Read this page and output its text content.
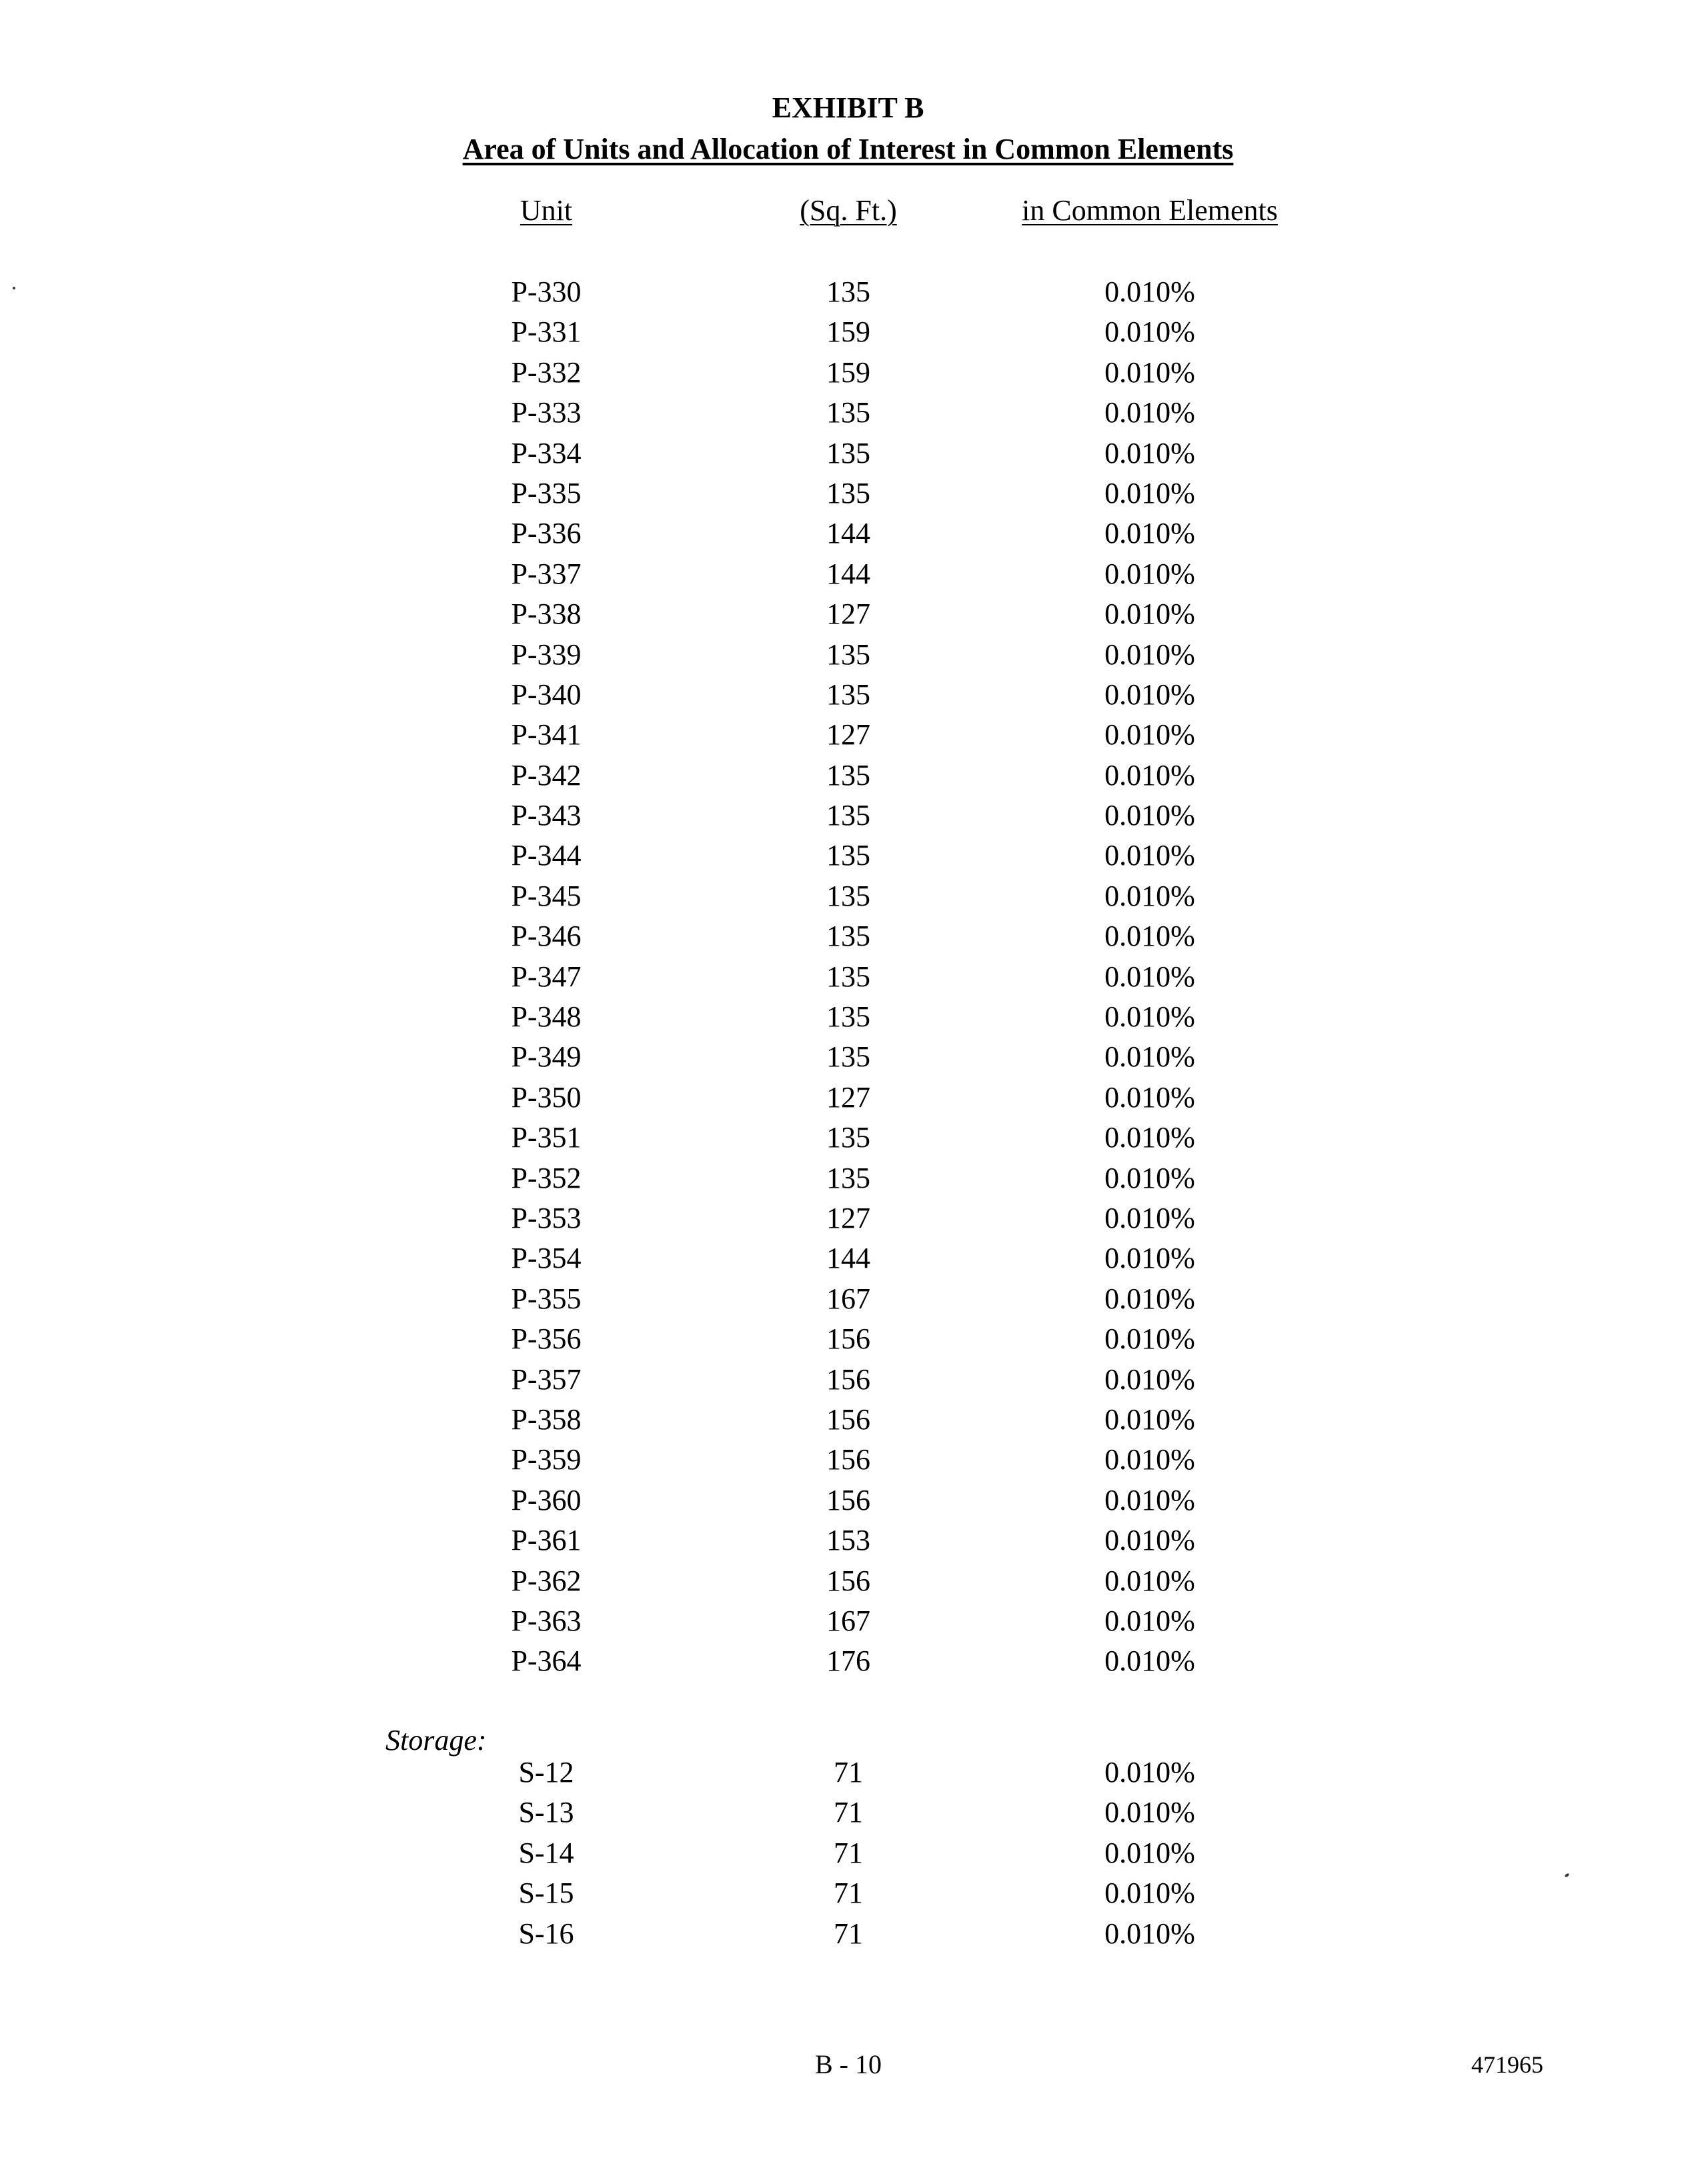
EXHIBIT B
Area of Units and Allocation of Interest in Common Elements
Unit	(Sq. Ft.)	in Common Elements
P-330	135	0.010%
P-331	159	0.010%
P-332	159	0.010%
P-333	135	0.010%
P-334	135	0.010%
P-335	135	0.010%
P-336	144	0.010%
P-337	144	0.010%
P-338	127	0.010%
P-339	135	0.010%
P-340	135	0.010%
P-341	127	0.010%
P-342	135	0.010%
P-343	135	0.010%
P-344	135	0.010%
P-345	135	0.010%
P-346	135	0.010%
P-347	135	0.010%
P-348	135	0.010%
P-349	135	0.010%
P-350	127	0.010%
P-351	135	0.010%
P-352	135	0.010%
P-353	127	0.010%
P-354	144	0.010%
P-355	167	0.010%
P-356	156	0.010%
P-357	156	0.010%
P-358	156	0.010%
P-359	156	0.010%
P-360	156	0.010%
P-361	153	0.010%
P-362	156	0.010%
P-363	167	0.010%
P-364	176	0.010%
Storage:
S-12	71	0.010%
S-13	71	0.010%
S-14	71	0.010%
S-15	71	0.010%
S-16	71	0.010%
B - 10	471965
